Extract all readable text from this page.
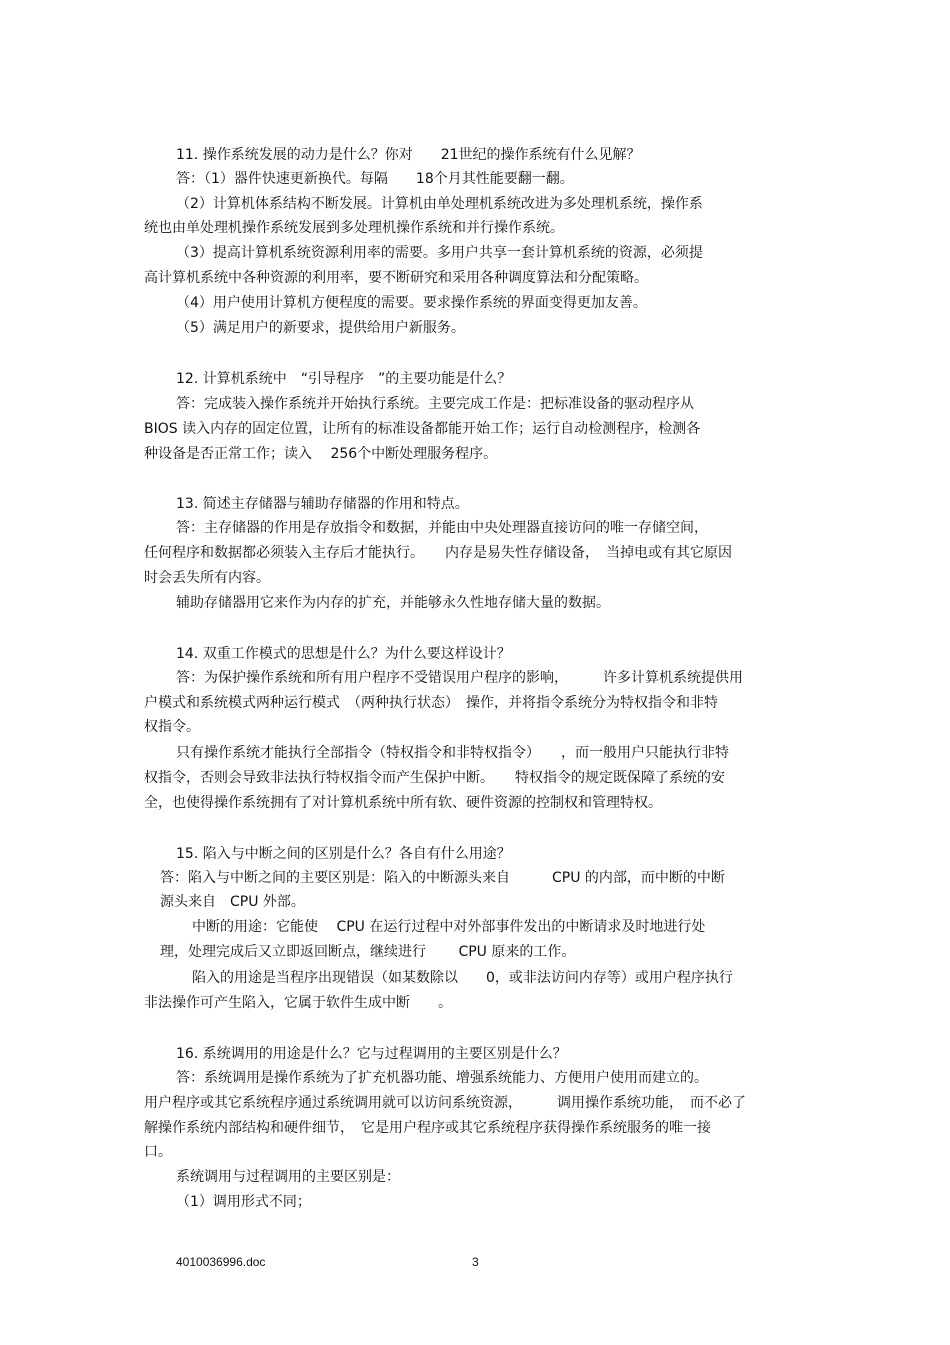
11. 操作系统发展的动力是什么？你对　　21世纪的操作系统有什么见解？
答：（1）器件快速更新换代。每隔　　18个月其性能要翻一翻。
（2）计算机体系结构不断发展。计算机由单处理机系统改进为多处理机系统，操作系
统也由单处理机操作系统发展到多处理机操作系统和并行操作系统。
（3）提高计算机系统资源利用率的需要。多用户共享一套计算机系统的资源，必须提
高计算机系统中各种资源的利用率，要不断研究和采用各种调度算法和分配策略。
（4）用户使用计算机方便程度的需要。要求操作系统的界面变得更加友善。
（5）满足用户的新要求，提供给用户新服务。
12. 计算机系统中　“引导程序　”的主要功能是什么？
答：完成装入操作系统并开始执行系统。主要完成工作是：把标准设备的驱动程序从
BIOS 读入内存的固定位置，让所有的标准设备都能开始工作；运行自动检测程序，检测各
种设备是否正常工作；读入　 256个中断处理服务程序。
13. 简述主存储器与辅助存储器的作用和特点。
答：主存储器的作用是存放指令和数据，并能由中央处理器直接访问的唯一存储空间，
任何程序和数据都必须装入主存后才能执行。　　内存是易失性存储设备，　当掉电或有其它原因
时会丢失所有内容。
辅助存储器用它来作为内存的扩充，并能够永久性地存储大量的数据。
14. 双重工作模式的思想是什么？为什么要这样设计？
答：为保护操作系统和所有用户程序不受错误用户程序的影响，　　　许多计算机系统提供用
户模式和系统模式两种运行模式　（两种执行状态）　操作，并将指令系统分为特权指令和非特
权指令。
只有操作系统才能执行全部指令（特权指令和非特权指令）　　，而一般用户只能执行非特
权指令，否则会导致非法执行特权指令而产生保护中断。　　特权指令的规定既保障了系统的安
全，也使得操作系统拥有了对计算机系统中所有软、硬件资源的控制权和管理特权。
15. 陷入与中断之间的区别是什么？各自有什么用途？
答：陷入与中断之间的主要区别是：陷入的中断源头来自　　　CPU 的内部，而中断的中断
源头来自　CPU 外部。
中断的用途：它能使　 CPU 在运行过程中对外部事件发出的中断请求及时地进行处
理，处理完成后又立即返回断点，继续进行　　 CPU 原来的工作。
陷入的用途是当程序出现错误（如某数除以　　0，或非法访问内存等）或用户程序执行
非法操作可产生陷入，它属于软件生成中断　　。
16. 系统调用的用途是什么？它与过程调用的主要区别是什么？
答：系统调用是操作系统为了扩充机器功能、增强系统能力、方便用户使用而建立的。
用户程序或其它系统程序通过系统调用就可以访问系统资源，　　　调用操作系统功能，　而不必了
解操作系统内部结构和硬件细节，　它是用户程序或其它系统程序获得操作系统服务的唯一接
口。
系统调用与过程调用的主要区别是：
（1）调用形式不同；
4010036996.doc	3
